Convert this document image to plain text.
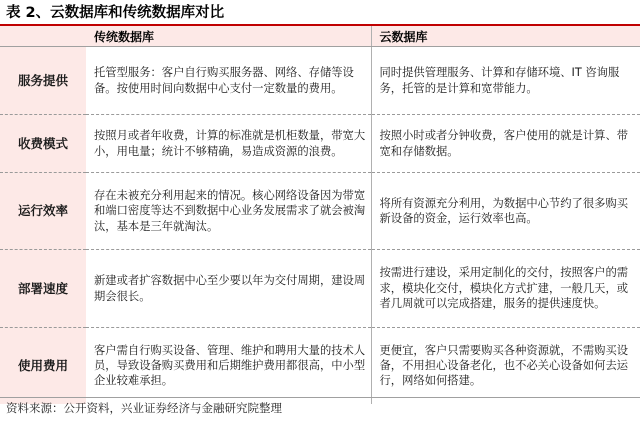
表 2、云数据库和传统数据库对比
	传统数据库	云数据库
服务提供	托管型服务：客户自行购买服务器、网络、存储等设备。按使用时间向数据中心支付一定数量的费用。	同时提供管理服务、计算和存储环境、IT 咨询服务，托管的是计算和宽带能力。
收费模式	按照月或者年收费，计算的标准就是机柜数量，带宽大小，用电量；统计不够精确，易造成资源的浪费。	按照小时或者分钟收费，客户使用的就是计算、带宽和存储数据。
运行效率	存在未被充分利用起来的情况。核心网络设备因为带宽和端口密度等达不到数据中心业务发展需求了就会被淘汰，基本是三年就淘汰。	将所有资源充分利用，为数据中心节约了很多购买新设备的资金，运行效率也高。
部署速度	新建或者扩容数据中心至少要以年为交付周期，建设周期会很长。	按需进行建设，采用定制化的交付，按照客户的需求，模块化交付，模块化方式扩建，一般几天，或者几周就可以完成搭建，服务的提供速度快。
使用费用	客户需自行购买设备、管理、维护和聘用大量的技术人员，导致设备购买费用和后期维护费用都很高，中小型企业较难承担。	更便宜，客户只需要购买各种资源就，不需购买设备，不用担心设备老化，也不必关心设备如何去运行，网络如何搭建。
资料来源：公开资料，兴业证券经济与金融研究院整理
